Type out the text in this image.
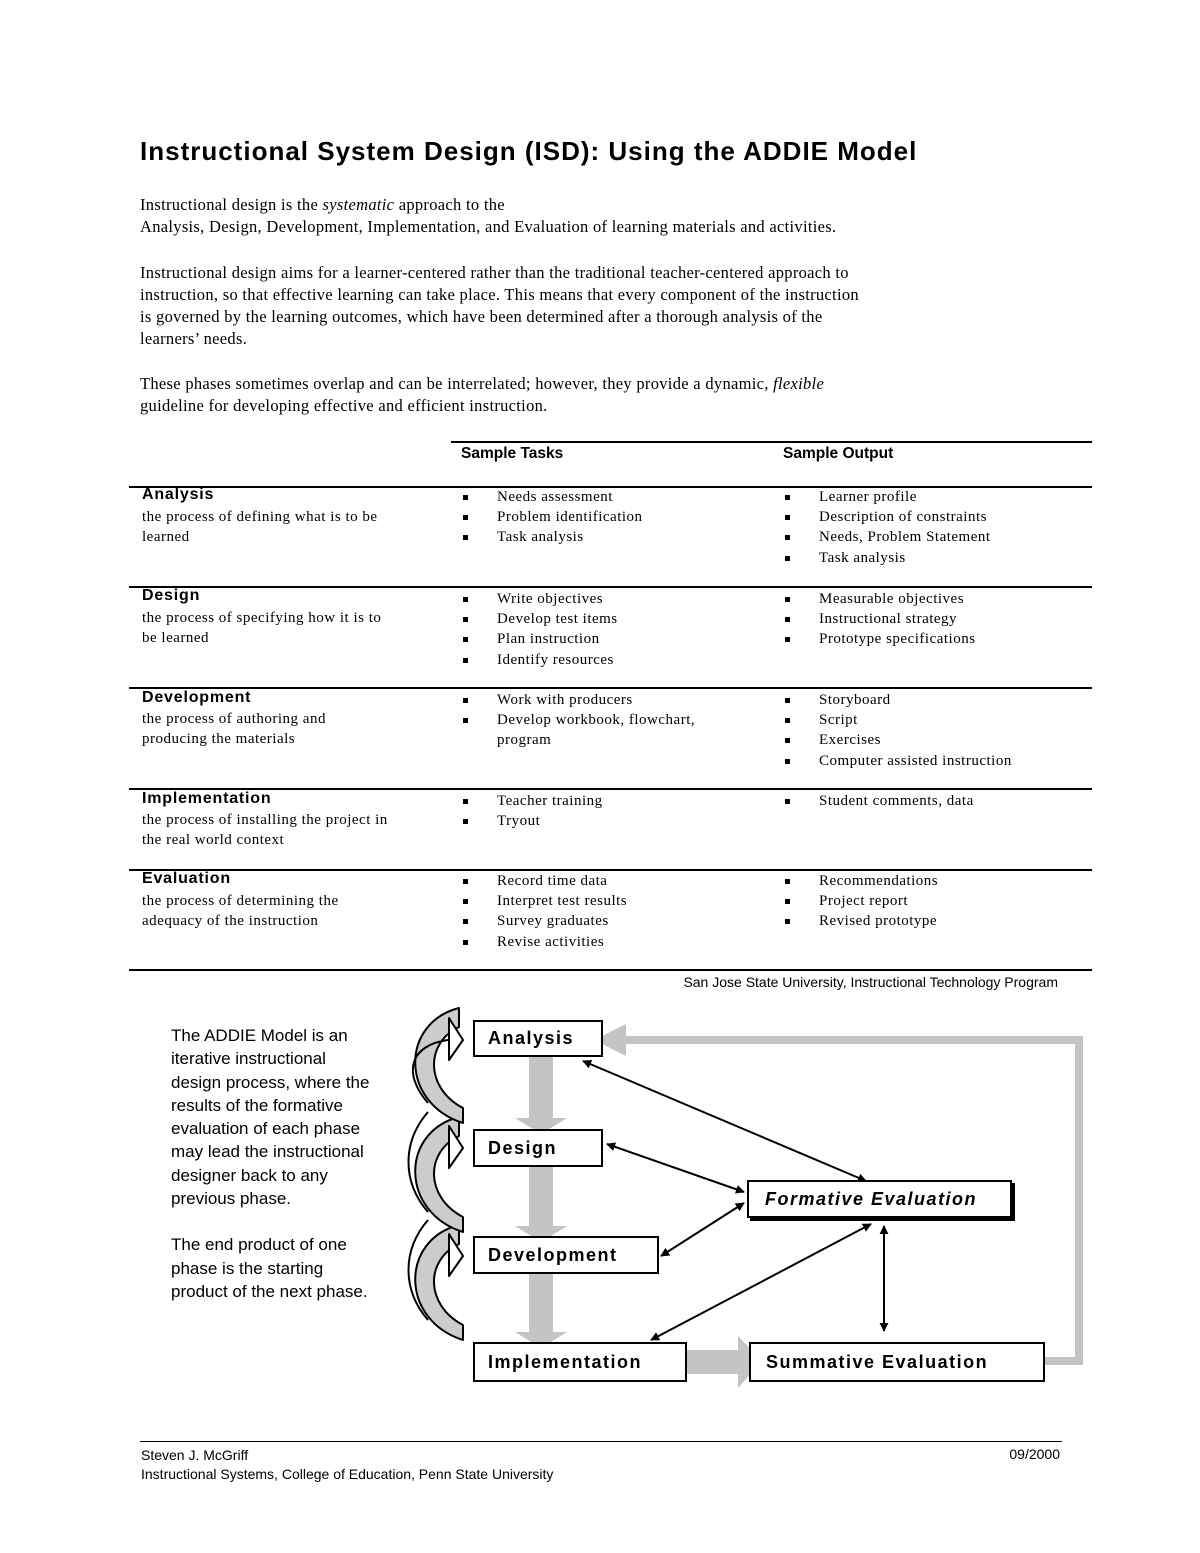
Instructional System Design (ISD): Using the ADDIE Model
Instructional design is the systematic approach to the
Analysis, Design, Development, Implementation, and Evaluation of learning materials and activities.
Instructional design aims for a learner-centered rather than the traditional teacher-centered approach to
instruction, so that effective learning can take place. This means that every component of the instruction
is governed by the learning outcomes, which have been determined after a thorough analysis of the
learners’ needs.
These phases sometimes overlap and can be interrelated; however, they provide a dynamic, flexible
guideline for developing effective and efficient instruction.
Sample Tasks	Sample Output
Analysis
the process of defining what is to be
learned
Needs assessment
Problem identification
Task analysis
Learner profile
Description of constraints
Needs, Problem Statement
Task analysis
Design
the process of specifying how it is to
be learned
Write objectives
Develop test items
Plan instruction
Identify resources
Measurable objectives
Instructional strategy
Prototype specifications
Development
the process of authoring and
producing the materials
Work with producers
Develop workbook, flowchart,
program
Storyboard
Script
Exercises
Computer assisted instruction
Implementation
the process of installing the project in
the real world context
Teacher training
Tryout
Student comments, data
Evaluation
the process of determining the
adequacy of the instruction
Record time data
Interpret test results
Survey graduates
Revise activities
Recommendations
Project report
Revised prototype
San Jose State University, Instructional Technology Program

The ADDIE Model is an iterative instructional design process, where the results of the formative evaluation of each phase may lead the instructional designer back to any previous phase.

The end product of one phase is the starting product of the next phase.

Analysis
Design
Development
Implementation
Formative Evaluation
Summative Evaluation
Steven J. McGriff
Instructional Systems, College of Education, Penn State University
09/2000
